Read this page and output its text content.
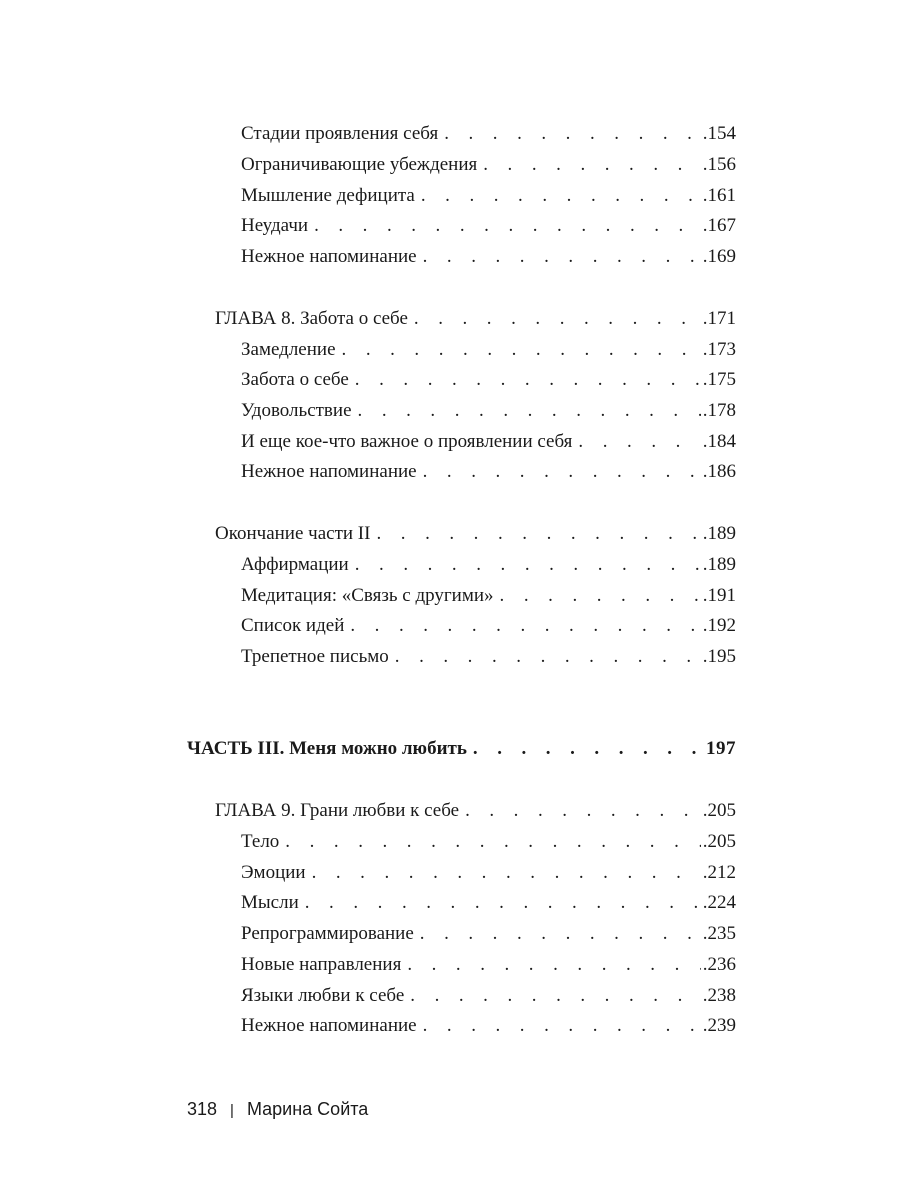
Стадии проявления себя . . .	.154
Ограничивающие убеждения . . .	.156
Мышление дефицита . . .	.161
Неудачи . . .	.167
Нежное напоминание . . .	.169
ГЛАВА 8. Забота о себе . . .	.171
Замедление . . .	.173
Забота о себе . . .	.175
Удовольствие . . .	.178
И еще кое-что важное о проявлении себя . . .	.184
Нежное напоминание . . .	.186
Окончание части II . . .	.189
Аффирмации . . .	.189
Медитация: «Связь с другими» . . .	.191
Список идей . . .	.192
Трепетное письмо . . .	.195
ЧАСТЬ III. Меня можно любить . . .	197
ГЛАВА 9. Грани любви к себе . . .	.205
Тело . . .	.205
Эмоции . . .	.212
Мысли . . .	.224
Репрограммирование . . .	.235
Новые направления . . .	.236
Языки любви к себе . . .	.238
Нежное напоминание . . .	.239
318 | Марина Сойта
